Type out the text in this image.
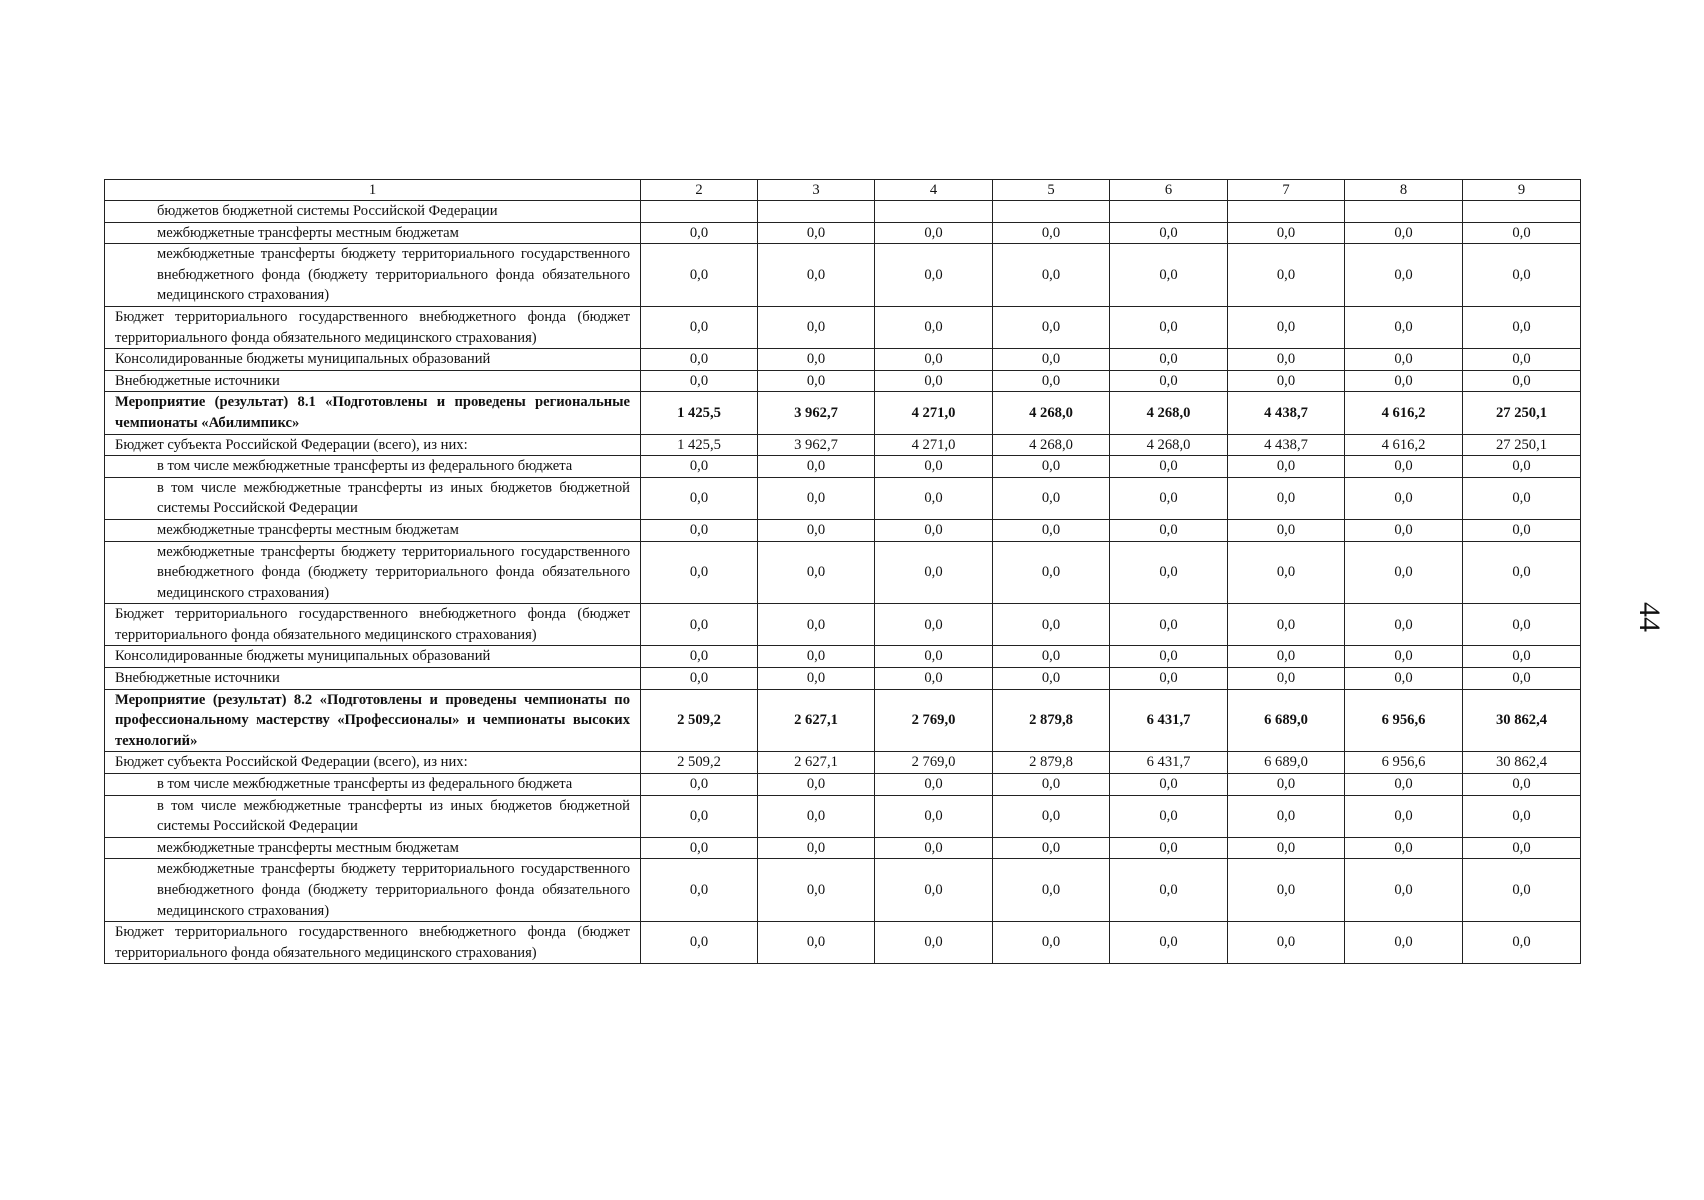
1	2	3	4	5	6	7	8	9
бюджетов бюджетной системы Российской Федерации								
межбюджетные трансферты местным бюджетам	0,0	0,0	0,0	0,0	0,0	0,0	0,0	0,0
межбюджетные трансферты бюджету территориального государственного внебюджетного фонда (бюджету территориального фонда обязательного медицинского страхования)	0,0	0,0	0,0	0,0	0,0	0,0	0,0	0,0
Бюджет территориального государственного внебюджетного фонда (бюджет территориального фонда обязательного медицинского страхования)	0,0	0,0	0,0	0,0	0,0	0,0	0,0	0,0
Консолидированные бюджеты муниципальных образований	0,0	0,0	0,0	0,0	0,0	0,0	0,0	0,0
Внебюджетные источники	0,0	0,0	0,0	0,0	0,0	0,0	0,0	0,0
Мероприятие (результат) 8.1 «Подготовлены и проведены региональные чемпионаты «Абилимпикс»	1 425,5	3 962,7	4 271,0	4 268,0	4 268,0	4 438,7	4 616,2	27 250,1
Бюджет субъекта Российской Федерации (всего), из них:	1 425,5	3 962,7	4 271,0	4 268,0	4 268,0	4 438,7	4 616,2	27 250,1
в том числе межбюджетные трансферты из федерального бюджета	0,0	0,0	0,0	0,0	0,0	0,0	0,0	0,0
в том числе межбюджетные трансферты из иных бюджетов бюджетной системы Российской Федерации	0,0	0,0	0,0	0,0	0,0	0,0	0,0	0,0
межбюджетные трансферты местным бюджетам	0,0	0,0	0,0	0,0	0,0	0,0	0,0	0,0
межбюджетные трансферты бюджету территориального государственного внебюджетного фонда (бюджету территориального фонда обязательного медицинского страхования)	0,0	0,0	0,0	0,0	0,0	0,0	0,0	0,0
Бюджет территориального государственного внебюджетного фонда (бюджет территориального фонда обязательного медицинского страхования)	0,0	0,0	0,0	0,0	0,0	0,0	0,0	0,0
Консолидированные бюджеты муниципальных образований	0,0	0,0	0,0	0,0	0,0	0,0	0,0	0,0
Внебюджетные источники	0,0	0,0	0,0	0,0	0,0	0,0	0,0	0,0
Мероприятие (результат) 8.2 «Подготовлены и проведены чемпионаты по профессиональному мастерству «Профессионалы» и чемпионаты высоких технологий»	2 509,2	2 627,1	2 769,0	2 879,8	6 431,7	6 689,0	6 956,6	30 862,4
Бюджет субъекта Российской Федерации (всего), из них:	2 509,2	2 627,1	2 769,0	2 879,8	6 431,7	6 689,0	6 956,6	30 862,4
в том числе межбюджетные трансферты из федерального бюджета	0,0	0,0	0,0	0,0	0,0	0,0	0,0	0,0
в том числе межбюджетные трансферты из иных бюджетов бюджетной системы Российской Федерации	0,0	0,0	0,0	0,0	0,0	0,0	0,0	0,0
межбюджетные трансферты местным бюджетам	0,0	0,0	0,0	0,0	0,0	0,0	0,0	0,0
межбюджетные трансферты бюджету территориального государственного внебюджетного фонда (бюджету территориального фонда обязательного медицинского страхования)	0,0	0,0	0,0	0,0	0,0	0,0	0,0	0,0
Бюджет территориального государственного внебюджетного фонда (бюджет территориального фонда обязательного медицинского страхования)	0,0	0,0	0,0	0,0	0,0	0,0	0,0	0,0
44
